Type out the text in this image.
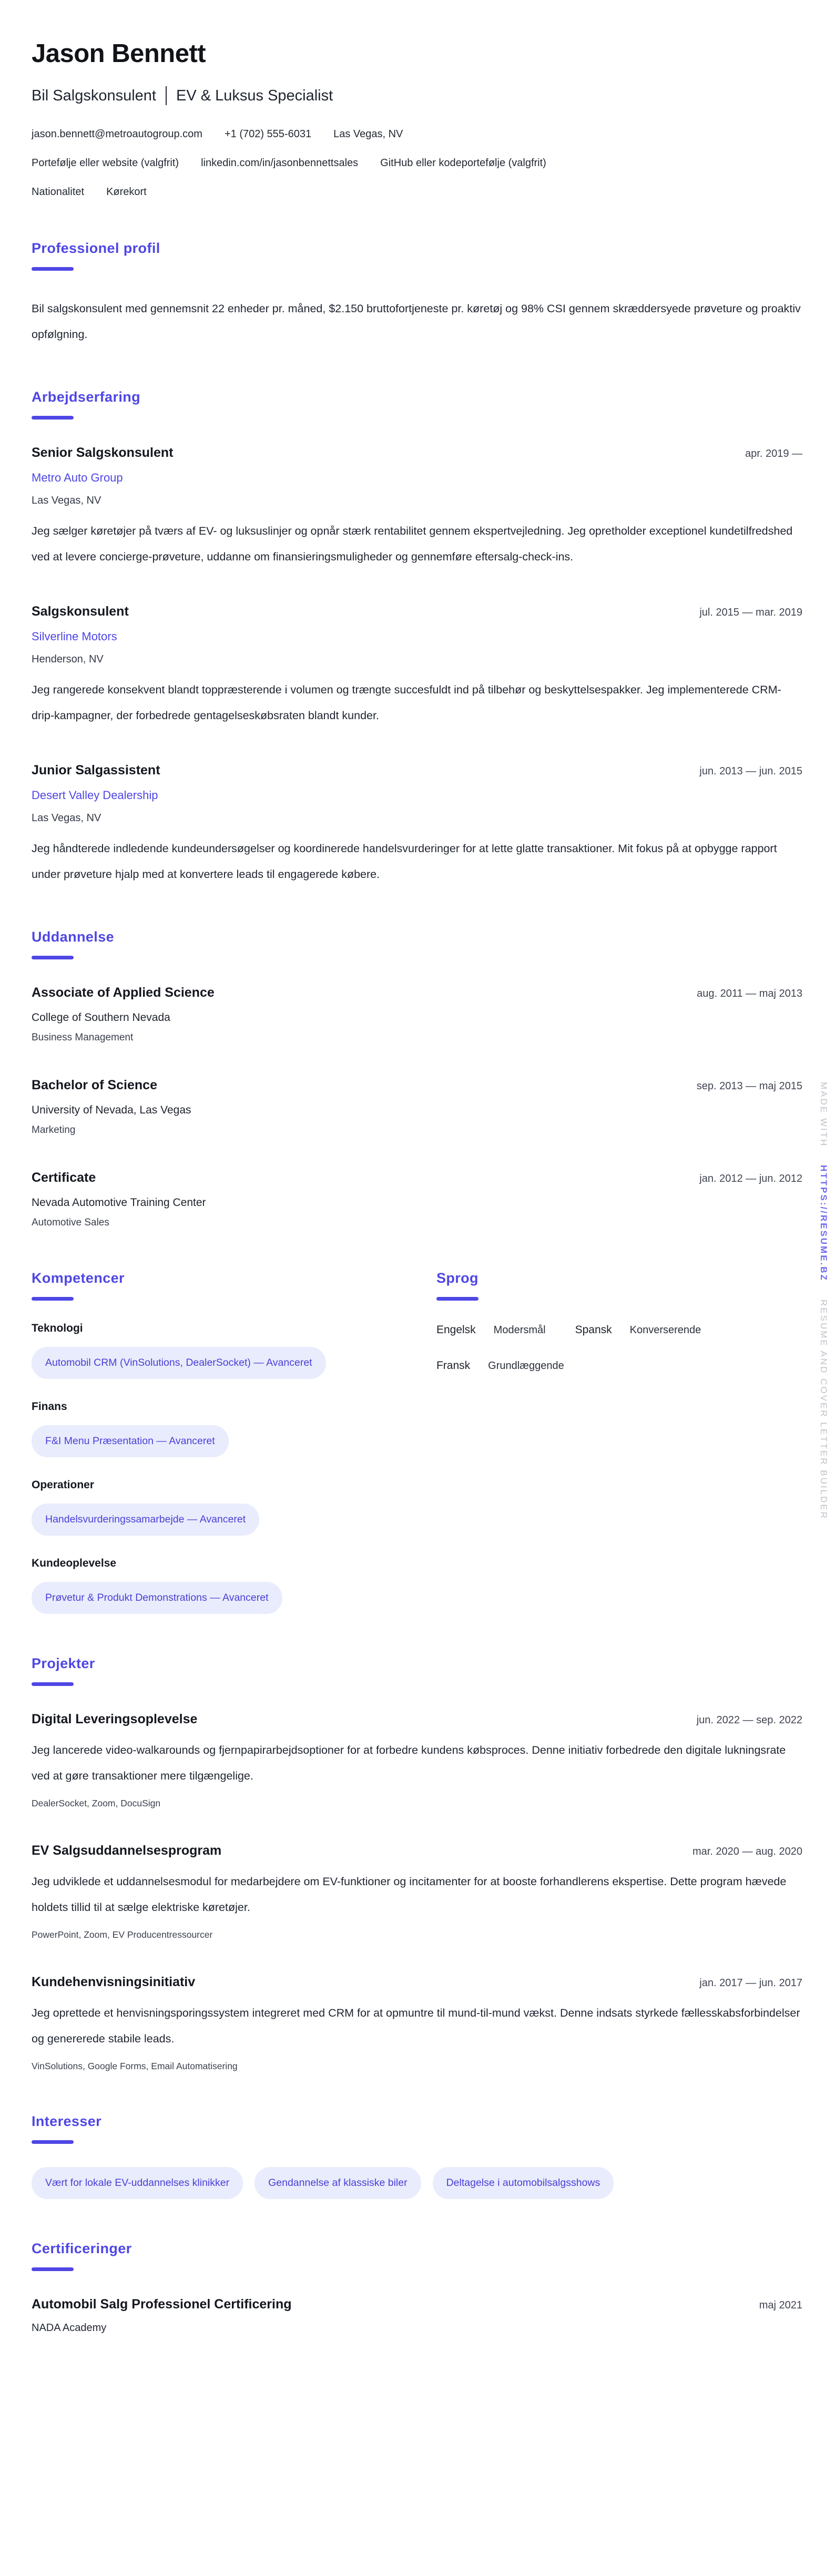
Jason Bennett
Bil Salgskonsulent EV & Luksus Specialist
jason.bennett@metroautogroup.com +1 (702) 555-6031 Las Vegas, NV
Portefølje eller website (valgfrit) linkedin.com/in/jasonbennettsales GitHub eller kodeportefølje (valgfrit)
Nationalitet Kørekort
Professionel profil

Bil salgskonsulent med gennemsnit 22 enheder pr. måned, $2.150 bruttofortjeneste pr. køretøj og 98% CSI gennem skræddersyede prøveture og proaktiv opfølgning.

Arbejdserfaring
Senior Salgskonsulent	apr. 2019 —
Metro Auto Group
Las Vegas, NV

Jeg sælger køretøjer på tværs af EV- og luksuslinjer og opnår stærk rentabilitet gennem ekspertvejledning. Jeg opretholder exceptionel kundetilfredshed ved at levere concierge-prøveture, uddanne om finansieringsmuligheder og gennemføre eftersalg-check-ins.

Salgskonsulent	jul. 2015 — mar. 2019
Silverline Motors
Henderson, NV

Jeg rangerede konsekvent blandt toppræsterende i volumen og trængte succesfuldt ind på tilbehør og beskyttelsespakker. Jeg implementerede CRM-drip-kampagner, der forbedrede gentagelseskøbsraten blandt kunder.

Junior Salgassistent	jun. 2013 — jun. 2015
Desert Valley Dealership
Las Vegas, NV

Jeg håndterede indledende kundeundersøgelser og koordinerede handelsvurderinger for at lette glatte transaktioner. Mit fokus på at opbygge rapport under prøveture hjalp med at konvertere leads til engagerede købere.

Uddannelse
Associate of Applied Science	aug. 2011 — maj 2013
College of Southern Nevada
Business Management
Bachelor of Science	sep. 2013 — maj 2015
University of Nevada, Las Vegas
Marketing
Certificate	jan. 2012 — jun. 2012
Nevada Automotive Training Center
Automotive Sales
Kompetencer
Teknologi
Automobil CRM (VinSolutions, DealerSocket) — Avanceret
Finans
F&I Menu Præsentation — Avanceret
Operationer
Handelsvurderingssamarbejde — Avanceret
Kundeoplevelse
Prøvetur & Produkt Demonstrations — Avanceret
Sprog
Engelsk Modersmål	Spansk Konverserende
Fransk Grundlæggende
Projekter
Digital Leveringsoplevelse	jun. 2022 — sep. 2022

Jeg lancerede video-walkarounds og fjernpapirarbejdsoptioner for at forbedre kundens købsproces. Denne initiativ forbedrede den digitale lukningsrate ved at gøre transaktioner mere tilgængelige.

DealerSocket, Zoom, DocuSign
EV Salgsuddannelsesprogram	mar. 2020 — aug. 2020

Jeg udviklede et uddannelsesmodul for medarbejdere om EV-funktioner og incitamenter for at booste forhandlerens ekspertise. Dette program hævede holdets tillid til at sælge elektriske køretøjer.

PowerPoint, Zoom, EV Producentressourcer
Kundehenvisningsinitiativ	jan. 2017 — jun. 2017

Jeg oprettede et henvisningsporingssystem integreret med CRM for at opmuntre til mund-til-mund vækst. Denne indsats styrkede fællesskabsforbindelser og genererede stabile leads.

VinSolutions, Google Forms, Email Automatisering
Interesser
Vært for lokale EV-uddannelses klinikker	Gendannelse af klassiske biler	Deltagelse i automobilsalgsshows
Certificeringer
Automobil Salg Professionel Certificering	maj 2021
NADA Academy
MADE WITH HTTPS://RESUME.BZ RESUME AND COVER LETTER BUILDER
